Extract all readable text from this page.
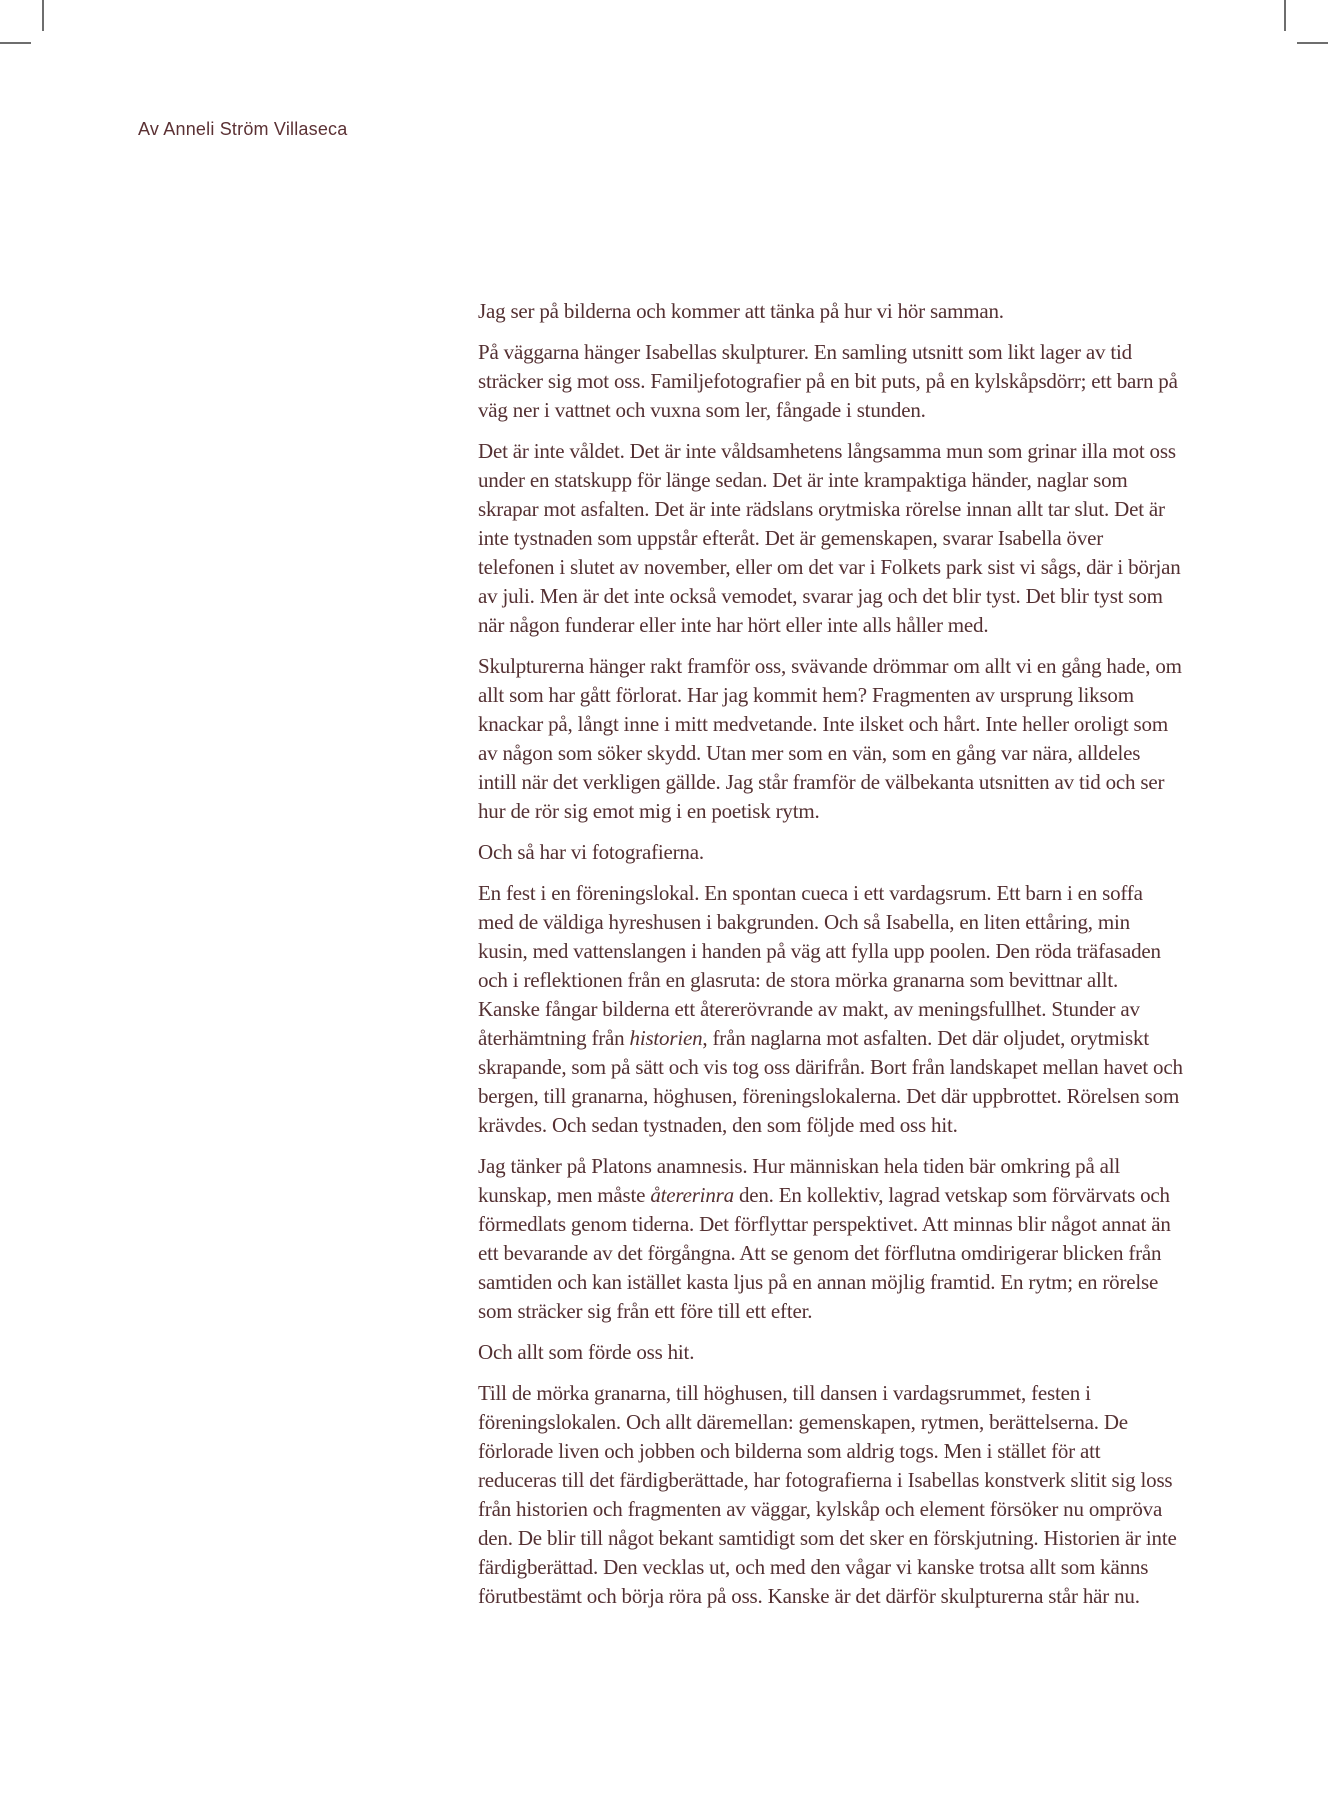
Av Anneli Ström Villaseca

Jag ser på bilderna och kommer att tänka på hur vi hör samman.

På väggarna hänger Isabellas skulpturer. En samling utsnitt som likt lager av tid sträcker sig mot oss. Familjefotografier på en bit puts, på en kylskåpsdörr; ett barn på väg ner i vattnet och vuxna som ler, fångade i stunden.

Det är inte våldet. Det är inte våldsamhetens långsamma mun som grinar illa mot oss under en statskupp för länge sedan. Det är inte krampaktiga händer, naglar som skrapar mot asfalten. Det är inte rädslans orytmiska rörelse innan allt tar slut. Det är inte tystnaden som uppstår efteråt. Det är gemenskapen, svarar Isabella över telefonen i slutet av november, eller om det var i Folkets park sist vi sågs, där i början av juli. Men är det inte också vemodet, svarar jag och det blir tyst. Det blir tyst som när någon funderar eller inte har hört eller inte alls håller med.

Skulpturerna hänger rakt framför oss, svävande drömmar om allt vi en gång hade, om allt som har gått förlorat. Har jag kommit hem? Fragmenten av ursprung liksom knackar på, långt inne i mitt medvetande. Inte ilsket och hårt. Inte heller oroligt som av någon som söker skydd. Utan mer som en vän, som en gång var nära, alldeles intill när det verkligen gällde. Jag står framför de välbekanta utsnitten av tid och ser hur de rör sig emot mig i en poetisk rytm.

Och så har vi fotografierna.

En fest i en föreningslokal. En spontan cueca i ett vardagsrum. Ett barn i en soffa med de väldiga hyreshusen i bakgrunden. Och så Isabella, en liten ettåring, min kusin, med vattenslangen i handen på väg att fylla upp poolen. Den röda träfasaden och i reflektionen från en glasruta: de stora mörka granarna som bevittnar allt. Kanske fångar bilderna ett återerövrande av makt, av meningsfullhet. Stunder av återhämtning från historien, från naglarna mot asfalten. Det där oljudet, orytmiskt skrapande, som på sätt och vis tog oss därifrån. Bort från landskapet mellan havet och bergen, till granarna, höghusen, föreningslokalerna. Det där uppbrottet. Rörelsen som krävdes. Och sedan tystnaden, den som följde med oss hit.

Jag tänker på Platons anamnesis. Hur människan hela tiden bär omkring på all kunskap, men måste återerinra den. En kollektiv, lagrad vetskap som förvärvats och förmedlats genom tiderna. Det förflyttar perspektivet. Att minnas blir något annat än ett bevarande av det förgångna. Att se genom det förflutna omdirigerar blicken från samtiden och kan istället kasta ljus på en annan möjlig framtid. En rytm; en rörelse som sträcker sig från ett före till ett efter.

Och allt som förde oss hit.

Till de mörka granarna, till höghusen, till dansen i vardagsrummet, festen i föreningslokalen. Och allt däremellan: gemenskapen, rytmen, berättelserna. De förlorade liven och jobben och bilderna som aldrig togs. Men i stället för att reduceras till det färdigberättade, har fotografierna i Isabellas konstverk slitit sig loss från historien och fragmenten av väggar, kylskåp och element försöker nu ompröva den. De blir till något bekant samtidigt som det sker en förskjutning. Historien är inte färdigberättad. Den vecklas ut, och med den vågar vi kanske trotsa allt som känns förutbestämt och börja röra på oss. Kanske är det därför skulpturerna står här nu.
